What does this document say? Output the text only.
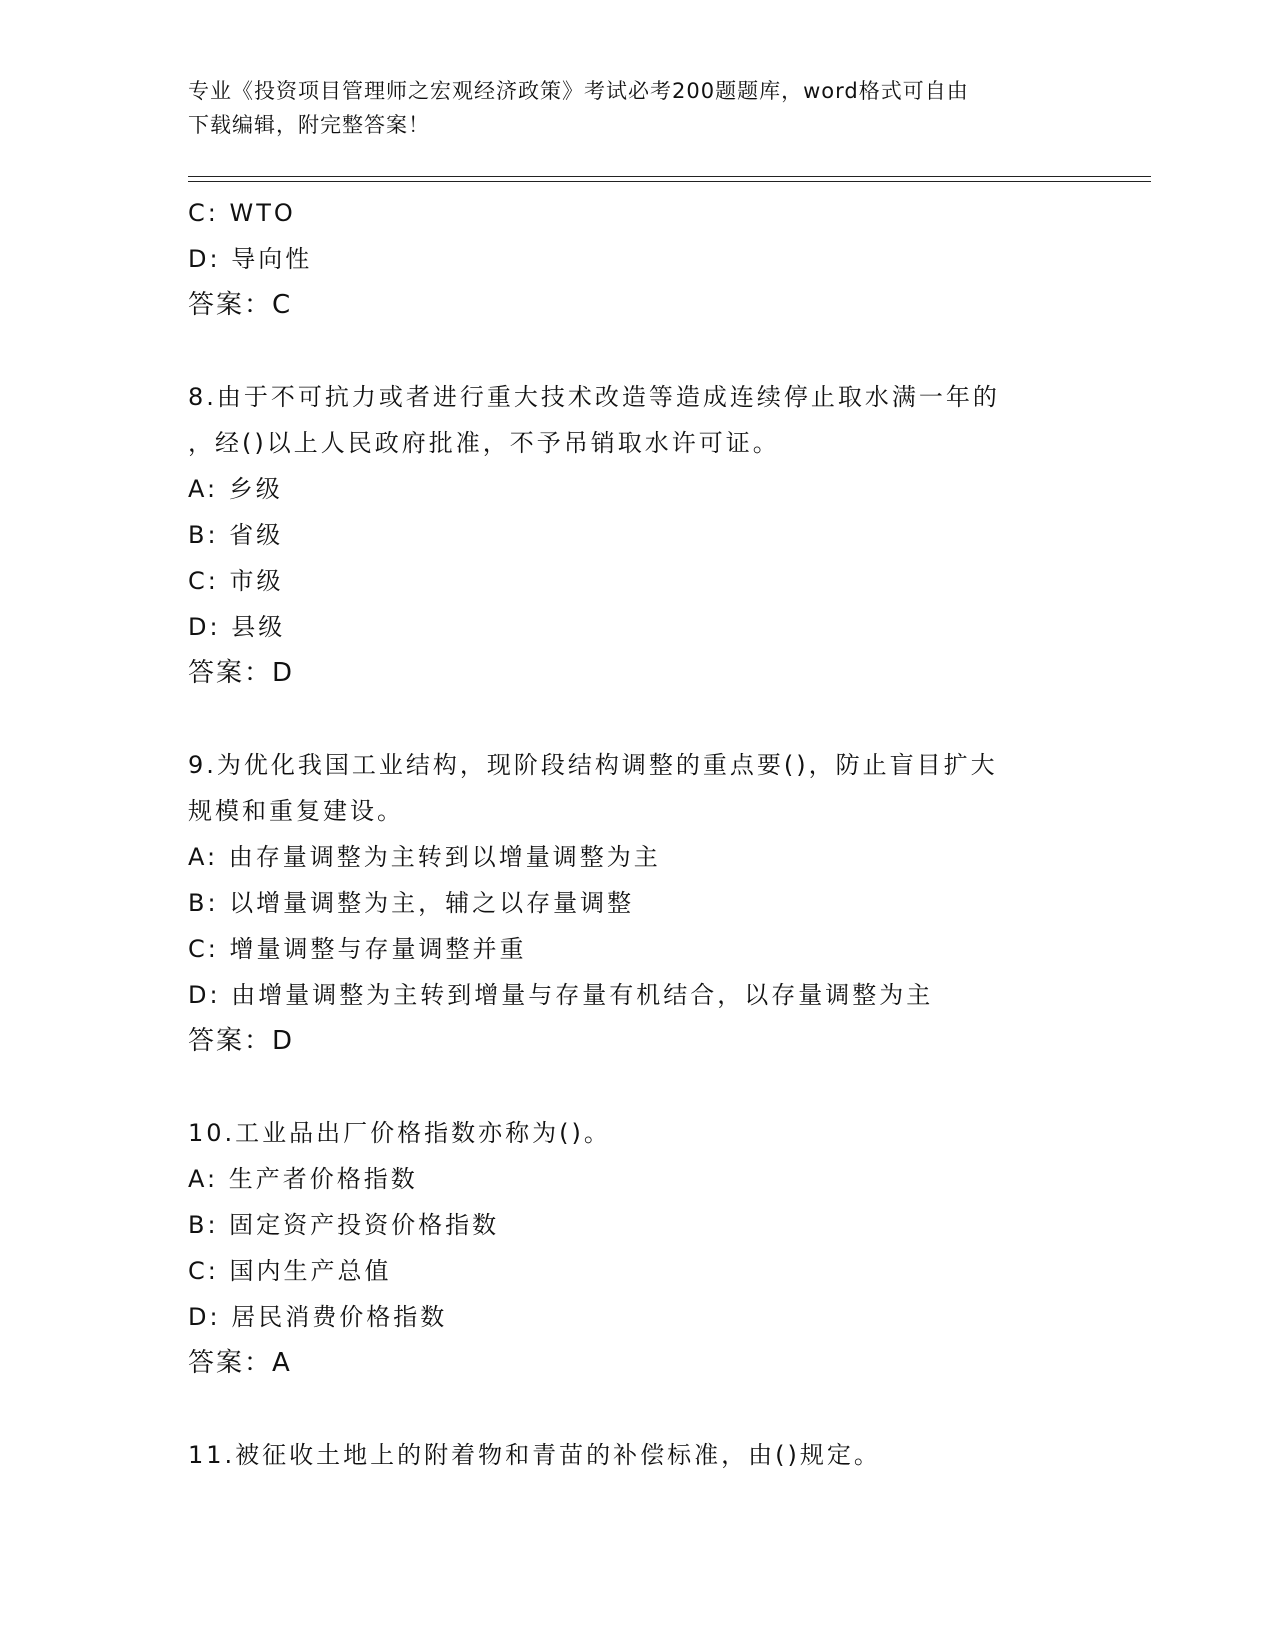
专业《投资项目管理师之宏观经济政策》考试必考200题题库，word格式可自由
下载编辑，附完整答案！
C: WTO
D: 导向性
答案：C
8.由于不可抗力或者进行重大技术改造等造成连续停止取水满一年的
，经()以上人民政府批准，不予吊销取水许可证。
A: 乡级
B: 省级
C: 市级
D: 县级
答案：D
9.为优化我国工业结构，现阶段结构调整的重点要()，防止盲目扩大
规模和重复建设。
A: 由存量调整为主转到以增量调整为主
B: 以增量调整为主，辅之以存量调整
C: 增量调整与存量调整并重
D: 由增量调整为主转到增量与存量有机结合，以存量调整为主
答案：D
10.工业品出厂价格指数亦称为()。
A: 生产者价格指数
B: 固定资产投资价格指数
C: 国内生产总值
D: 居民消费价格指数
答案：A
11.被征收土地上的附着物和青苗的补偿标准，由()规定。
